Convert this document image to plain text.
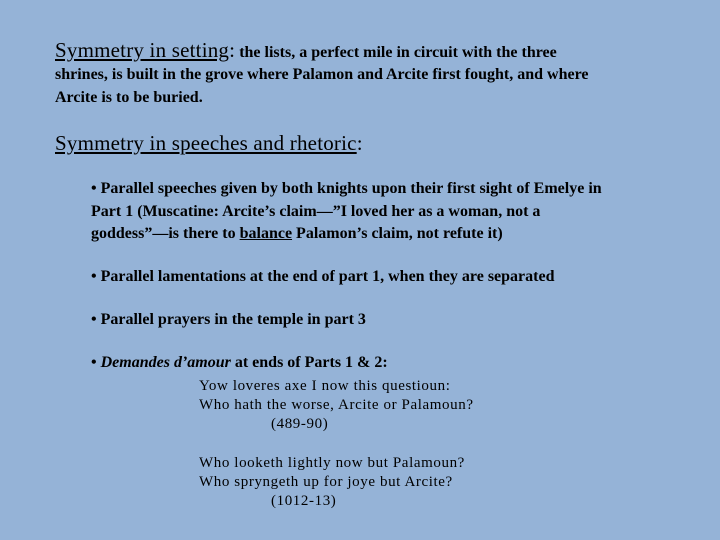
Symmetry in setting: the lists, a perfect mile in circuit with the three
shrines, is built in the grove where Palamon and Arcite first fought, and where
Arcite is to be buried.
Symmetry in speeches and rhetoric:
• Parallel speeches given by both knights upon their first sight of Emelye in
Part 1 (Muscatine: Arcite’s claim—”I loved her as a woman, not a
goddess”—is there to balance Palamon’s claim, not refute it)
• Parallel lamentations at the end of part 1, when they are separated
• Parallel prayers in the temple in part 3
• Demandes d’amour at ends of Parts 1 & 2:
Yow loveres axe I now this questioun:
Who hath the worse, Arcite or Palamoun?
(489-90)
Who looketh lightly now but Palamoun?
Who spryngeth up for joye but Arcite?
(1012-13)
